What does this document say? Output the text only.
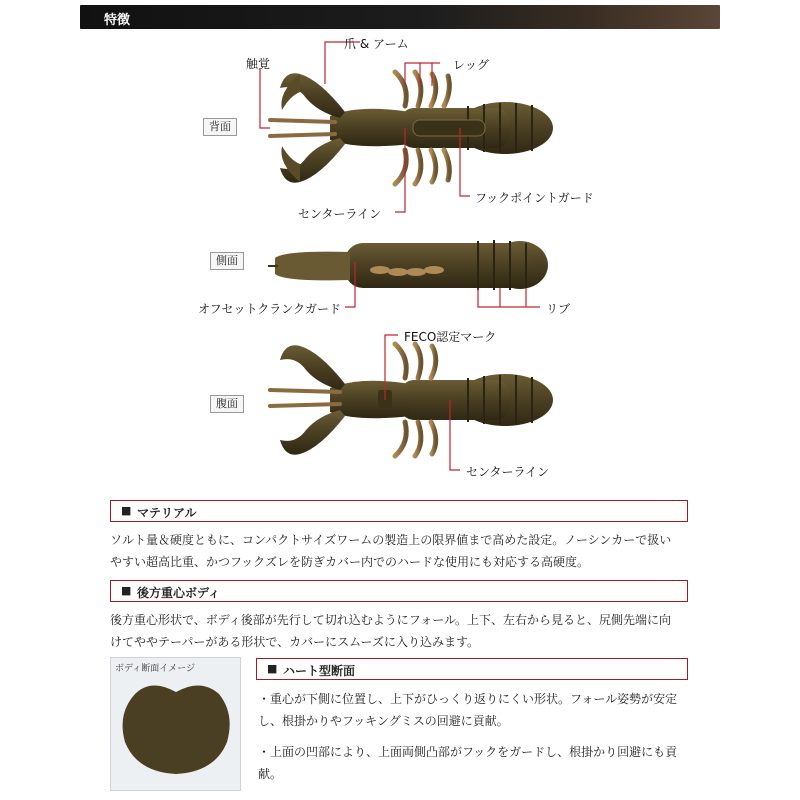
特徴
背面
側面
腹面
爪 & アーム
触覚	レッグ
フックポイントガード
センターライン
オフセットクランクガード	リブ
FECO認定マーク
センターライン
■ マテリアル
ソルト量＆硬度ともに、コンパクトサイズワームの製造上の限界値まで高めた設定。ノーシンカーで扱い
やすい超高比重、かつフックズレを防ぎカバー内でのハードな使用にも対応する高硬度。
■ 後方重心ボディ
後方重心形状で、ボディ後部が先行して切れ込むようにフォール。上下、左右から見ると、尻側先端に向
けてややテーパーがある形状で、カバーにスムーズに入り込みます。
ボディ断面イメージ	■ ハート型断面
・重心が下側に位置し、上下がひっくり返りにくい形状。フォール姿勢が安定
し、根掛かりやフッキングミスの回避に貢献。
・上面の凹部により、上面両側凸部がフックをガードし、根掛かり回避にも貢献。
